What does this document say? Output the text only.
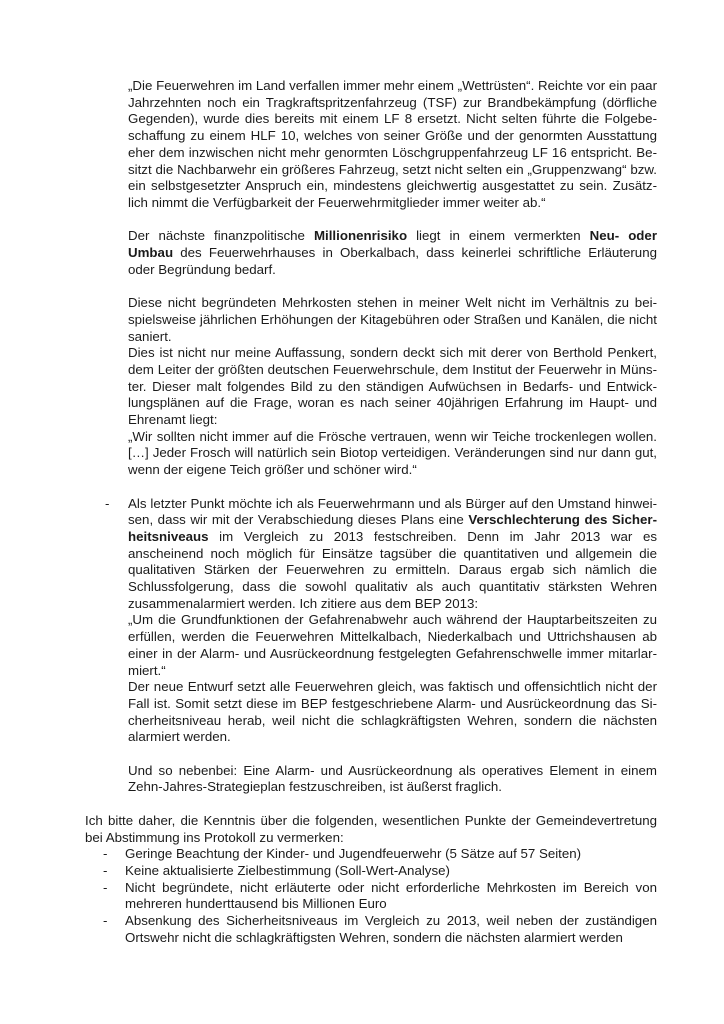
„Die Feuerwehren im Land verfallen immer mehr einem „Wettrüsten“. Reichte vor ein paar Jahrzehnten noch ein Tragkraftspritzenfahrzeug (TSF) zur Brandbekämpfung (dörfliche Gegenden), wurde dies bereits mit einem LF 8 ersetzt. Nicht selten führte die Folgebeschaffung zu einem HLF 10, welches von seiner Größe und der genormten Ausstattung eher dem inzwischen nicht mehr genormten Löschgruppenfahrzeug LF 16 entspricht. Besitzt die Nachbarwehr ein größeres Fahrzeug, setzt nicht selten ein „Gruppenzwang“ bzw. ein selbstgesetzter Anspruch ein, mindestens gleichwertig ausgestattet zu sein. Zusätzlich nimmt die Verfügbarkeit der Feuerwehrmitglieder immer weiter ab.“

Der nächste finanzpolitische Millionenrisiko liegt in einem vermerkten Neu- oder Umbau des Feuerwehrhauses in Oberkalbach, dass keinerlei schriftliche Erläuterung oder Begründung bedarf.

Diese nicht begründeten Mehrkosten stehen in meiner Welt nicht im Verhältnis zu beispielsweise jährlichen Erhöhungen der Kitagebühren oder Straßen und Kanälen, die nicht saniert.

Dies ist nicht nur meine Auffassung, sondern deckt sich mit derer von Berthold Penkert, dem Leiter der größten deutschen Feuerwehrschule, dem Institut der Feuerwehr in Münster. Dieser malt folgendes Bild zu den ständigen Aufwüchsen in Bedarfs- und Entwicklungsplänen auf die Frage, woran es nach seiner 40jährigen Erfahrung im Haupt- und Ehrenamt liegt:
„Wir sollten nicht immer auf die Frösche vertrauen, wenn wir Teiche trockenlegen wollen. […] Jeder Frosch will natürlich sein Biotop verteidigen. Veränderungen sind nur dann gut, wenn der eigene Teich größer und schöner wird.“

- Als letzter Punkt möchte ich als Feuerwehrmann und als Bürger auf den Umstand hinweisen, dass wir mit der Verabschiedung dieses Plans eine Verschlechterung des Sicherheitsniveaus im Vergleich zu 2013 festschreiben. Denn im Jahr 2013 war es anscheinend noch möglich für Einsätze tagsüber die quantitativen und allgemein die qualitativen Stärken der Feuerwehren zu ermitteln. Daraus ergab sich nämlich die Schlussfolgerung, dass die sowohl qualitativ als auch quantitativ stärksten Wehren zusammenalarmiert werden. Ich zitiere aus dem BEP 2013:
„Um die Grundfunktionen der Gefahrenabwehr auch während der Hauptarbeitszeiten zu erfüllen, werden die Feuerwehren Mittelkalbach, Niederkalbach und Uttrichshausen ab einer in der Alarm- und Ausrückeordnung festgelegten Gefahrenschwelle immer mitarlarmiert.“
Der neue Entwurf setzt alle Feuerwehren gleich, was faktisch und offensichtlich nicht der Fall ist. Somit setzt diese im BEP festgeschriebene Alarm- und Ausrückeordnung das Sicherheitsniveau herab, weil nicht die schlagkräftigsten Wehren, sondern die nächsten alarmiert werden.

Und so nebenbei: Eine Alarm- und Ausrückeordnung als operatives Element in einem Zehn-Jahres-Strategieplan festzuschreiben, ist äußerst fraglich.

Ich bitte daher, die Kenntnis über die folgenden, wesentlichen Punkte der Gemeindevertretung bei Abstimmung ins Protokoll zu vermerken:

- Geringe Beachtung der Kinder- und Jugendfeuerwehr (5 Sätze auf 57 Seiten)
- Keine aktualisierte Zielbestimmung (Soll-Wert-Analyse)
- Nicht begründete, nicht erläuterte oder nicht erforderliche Mehrkosten im Bereich von mehreren hunderttausend bis Millionen Euro
- Absenkung des Sicherheitsniveaus im Vergleich zu 2013, weil neben der zuständigen Ortswehr nicht die schlagkräftigsten Wehren, sondern die nächsten alarmiert werden
